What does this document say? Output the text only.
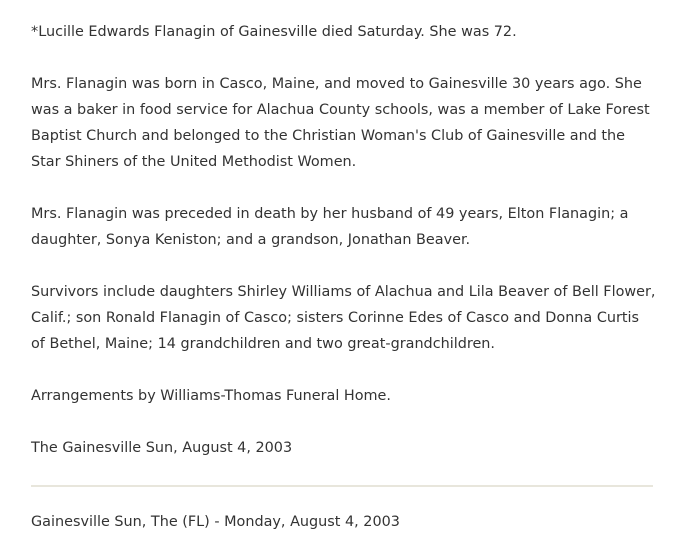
*Lucille Edwards Flanagin of Gainesville died Saturday. She was 72.

Mrs. Flanagin was born in Casco, Maine, and moved to Gainesville 30 years ago. She was a baker in food service for Alachua County schools, was a member of Lake Forest Baptist Church and belonged to the Christian Woman's Club of Gainesville and the Star Shiners of the United Methodist Women.

Mrs. Flanagin was preceded in death by her husband of 49 years, Elton Flanagin; a daughter, Sonya Keniston; and a grandson, Jonathan Beaver.

Survivors include daughters Shirley Williams of Alachua and Lila Beaver of Bell Flower, Calif.; son Ronald Flanagin of Casco; sisters Corinne Edes of Casco and Donna Curtis of Bethel, Maine; 14 grandchildren and two great-grandchildren.

Arrangements by Williams-Thomas Funeral Home.

The Gainesville Sun, August 4, 2003

Gainesville Sun, The (FL) - Monday, August 4, 2003
